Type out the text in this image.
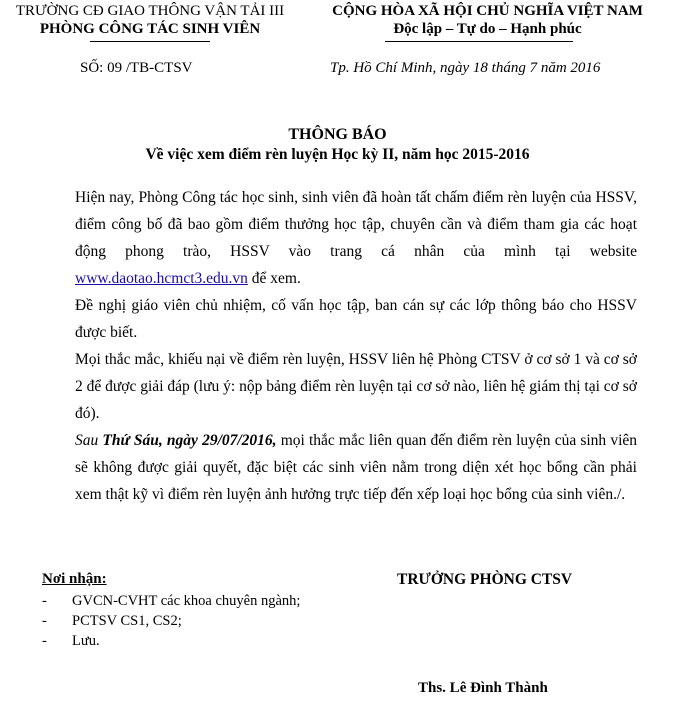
TRƯỜNG CĐ GIAO THÔNG VẬN TẢI III
PHÒNG CÔNG TÁC SINH VIÊN
CỘNG HÒA XÃ HỘI CHỦ NGHĨA VIỆT NAM
Độc lập – Tự do – Hạnh phúc
SỐ: 09 /TB-CTSV	Tp. Hồ Chí Minh, ngày 18 tháng 7 năm 2016
THÔNG BÁO
Về việc xem điểm rèn luyện Học kỳ II, năm học 2015-2016
Hiện nay, Phòng Công tác học sinh, sinh viên đã hoàn tất chấm điểm rèn luyện của HSSV, điểm công bố đã bao gồm điểm thưởng học tập, chuyên cần và điểm tham gia các hoạt động phong trào, HSSV vào trang cá nhân của mình tại website www.daotao.hcmct3.edu.vn để xem.
Đề nghị giáo viên chủ nhiệm, cố vấn học tập, ban cán sự các lớp thông báo cho HSSV được biết.
Mọi thắc mắc, khiếu nại về điểm rèn luyện, HSSV liên hệ Phòng CTSV ở cơ sở 1 và cơ sở 2 để được giải đáp (lưu ý: nộp bảng điểm rèn luyện tại cơ sở nào, liên hệ giám thị tại cơ sở đó).
Sau Thứ Sáu, ngày 29/07/2016, mọi thắc mắc liên quan đến điểm rèn luyện của sinh viên sẽ không được giải quyết, đặc biệt các sinh viên nằm trong diện xét học bổng cần phải xem thật kỹ vì điểm rèn luyện ảnh hưởng trực tiếp đến xếp loại học bổng của sinh viên./.
Nơi nhận:
- GVCN-CVHT các khoa chuyên ngành;
- PCTSV CS1, CS2;
- Lưu.
TRƯỞNG PHÒNG CTSV
Ths. Lê Đình Thành
